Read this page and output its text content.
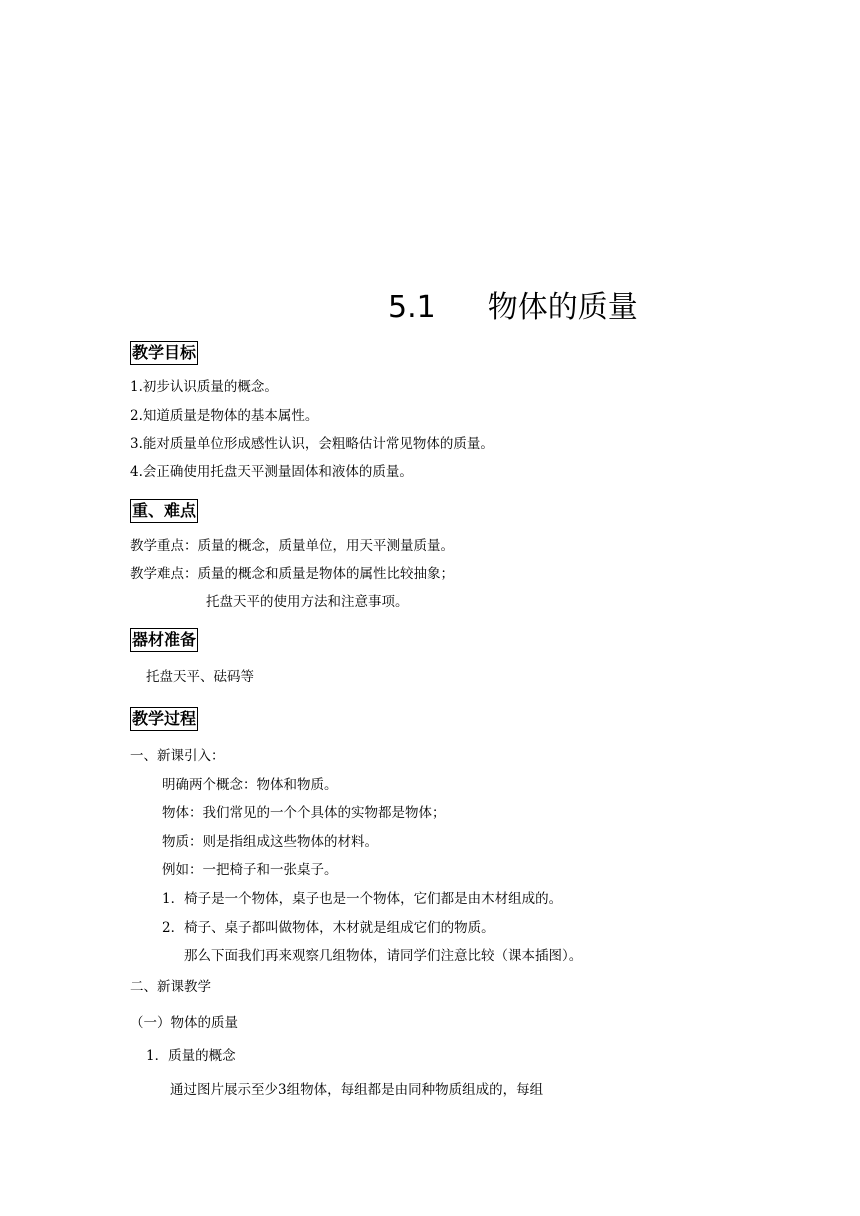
5.1 物体的质量
教学目标
1.初步认识质量的概念。
2.知道质量是物体的基本属性。
3.能对质量单位形成感性认识，会粗略估计常见物体的质量。
4.会正确使用托盘天平测量固体和液体的质量。
重、难点
教学重点：质量的概念，质量单位，用天平测量质量。
教学难点：质量的概念和质量是物体的属性比较抽象；
托盘天平的使用方法和注意事项。
器材准备
托盘天平、砝码等
教学过程
一、新课引入：
明确两个概念：物体和物质。
物体：我们常见的一个个具体的实物都是物体；
物质：则是指组成这些物体的材料。
例如：一把椅子和一张桌子。
1．椅子是一个物体，桌子也是一个物体，它们都是由木材组成的。
2．椅子、桌子都叫做物体，木材就是组成它们的物质。
那么下面我们再来观察几组物体，请同学们注意比较（课本插图）。
二、新课教学
（一）物体的质量
1．质量的概念
通过图片展示至少3组物体，每组都是由同种物质组成的，每组
